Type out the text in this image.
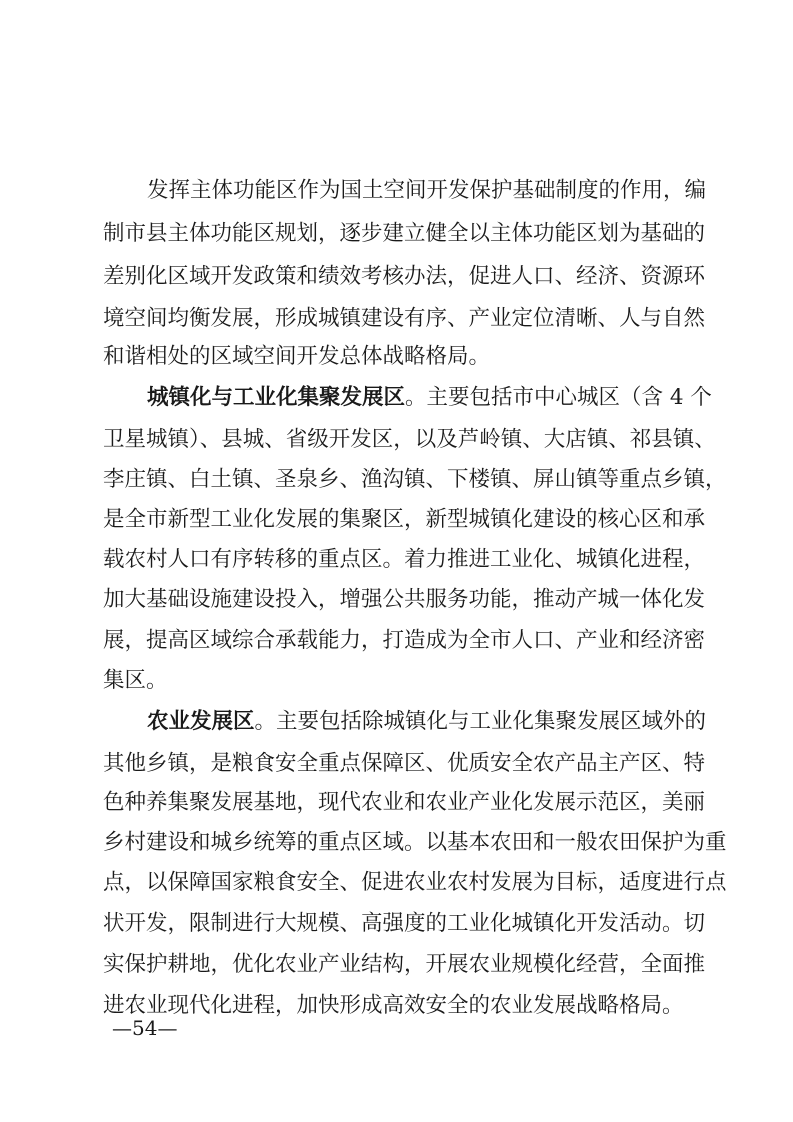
发挥主体功能区作为国土空间开发保护基础制度的作用，编
制市县主体功能区规划，逐步建立健全以主体功能区划为基础的
差别化区域开发政策和绩效考核办法，促进人口、经济、资源环
境空间均衡发展，形成城镇建设有序、产业定位清晰、人与自然
和谐相处的区域空间开发总体战略格局。
城镇化与工业化集聚发展区。主要包括市中心城区（含 4 个
卫星城镇）、县城、省级开发区，以及芦岭镇、大店镇、祁县镇、
李庄镇、白土镇、圣泉乡、渔沟镇、下楼镇、屏山镇等重点乡镇，
是全市新型工业化发展的集聚区，新型城镇化建设的核心区和承
载农村人口有序转移的重点区。着力推进工业化、城镇化进程，
加大基础设施建设投入，增强公共服务功能，推动产城一体化发
展，提高区域综合承载能力，打造成为全市人口、产业和经济密
集区。
农业发展区。主要包括除城镇化与工业化集聚发展区域外的
其他乡镇，是粮食安全重点保障区、优质安全农产品主产区、特
色种养集聚发展基地，现代农业和农业产业化发展示范区，美丽
乡村建设和城乡统筹的重点区域。以基本农田和一般农田保护为重
点，以保障国家粮食安全、促进农业农村发展为目标，适度进行点
状开发，限制进行大规模、高强度的工业化城镇化开发活动。切
实保护耕地，优化农业产业结构，开展农业规模化经营，全面推
进农业现代化进程，加快形成高效安全的农业发展战略格局。
—54—
